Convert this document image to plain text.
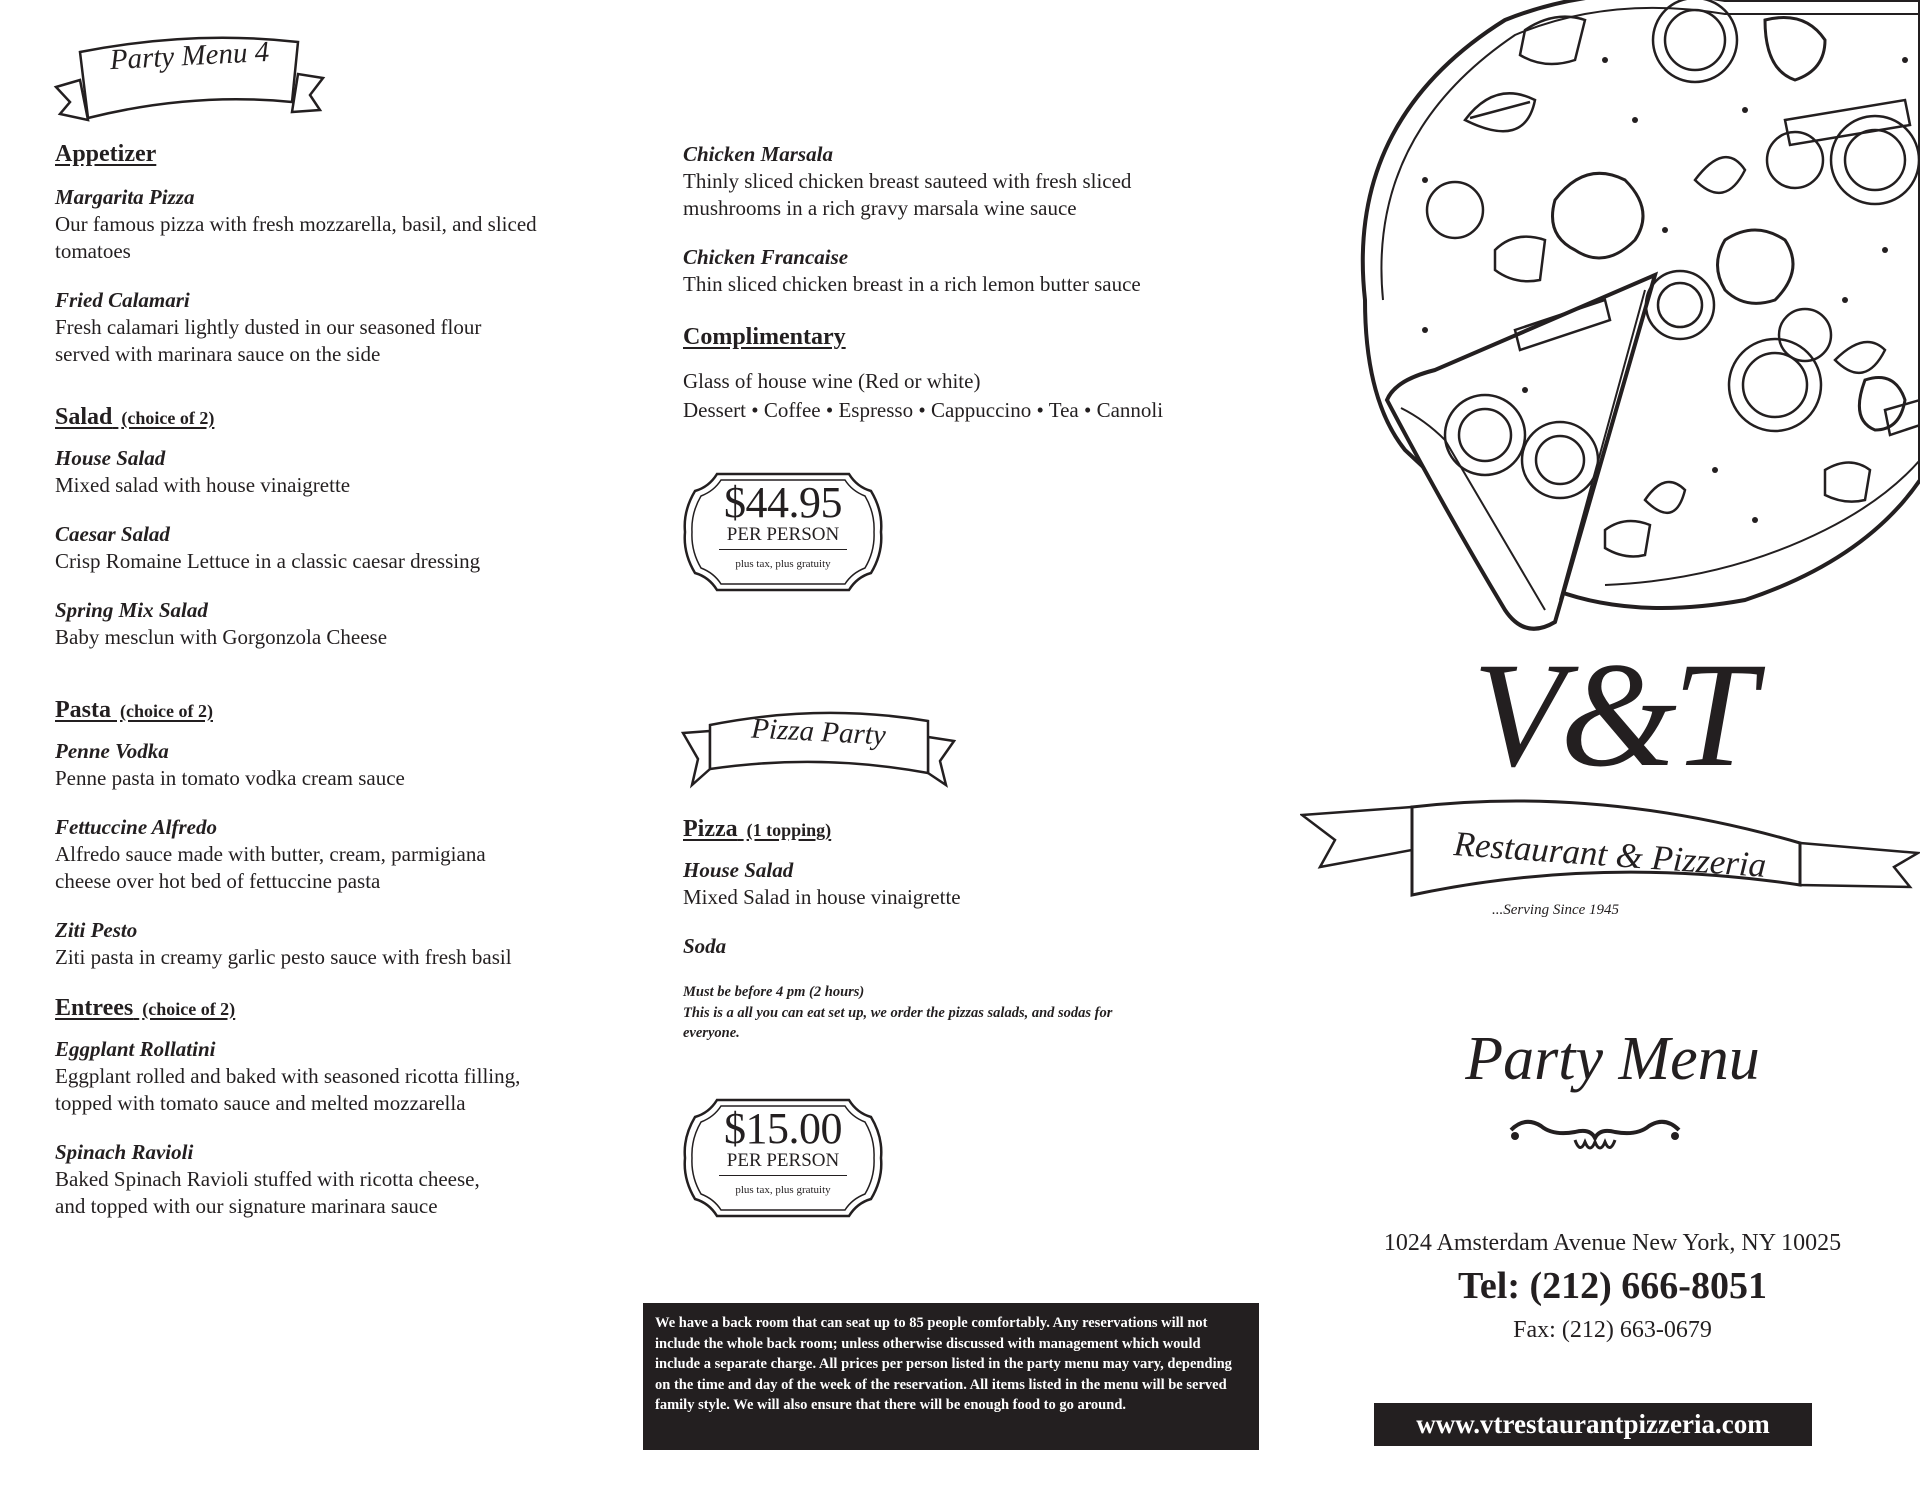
Party Menu 4
Appetizer
Margarita Pizza
Our famous pizza with fresh mozzarella, basil, and sliced
tomatoes
Fried Calamari
Fresh calamari lightly dusted in our seasoned flour
served with marinara sauce on the side
Salad (choice of 2)
House Salad
Mixed salad with house vinaigrette
Caesar Salad
Crisp Romaine Lettuce in a classic caesar dressing
Spring Mix Salad
Baby mesclun with Gorgonzola Cheese
Pasta (choice of 2)
Penne Vodka
Penne pasta in tomato vodka cream sauce
Fettuccine Alfredo
Alfredo sauce made with butter, cream, parmigiana
cheese over hot bed of fettuccine pasta
Ziti Pesto
Ziti pasta in creamy garlic pesto sauce with fresh basil
Entrees (choice of 2)
Eggplant Rollatini
Eggplant rolled and baked with seasoned ricotta filling,
topped with tomato sauce and melted mozzarella
Spinach Ravioli
Baked Spinach Ravioli stuffed with ricotta cheese,
and topped with our signature marinara sauce
Chicken Marsala
Thinly sliced chicken breast sauteed with fresh sliced
mushrooms in a rich gravy marsala wine sauce
Chicken Francaise
Thin sliced chicken breast in a rich lemon butter sauce
Complimentary
Glass of house wine (Red or white)
Dessert • Coffee • Espresso • Cappuccino • Tea • Cannoli
$44.95
PER PERSON
plus tax, plus gratuity
Pizza Party
Pizza (1 topping)
House Salad
Mixed Salad in house vinaigrette
Soda
Must be before 4 pm (2 hours)
This is a all you can eat set up, we order the pizzas salads, and sodas for
everyone.
$15.00
PER PERSON
plus tax, plus gratuity
We have a back room that can seat up to 85 people comfortably. Any reservations will not include the whole back room; unless otherwise discussed with management which would include a separate charge. All prices per person listed in the party menu may vary, depending on the time and day of the week of the reservation. All items listed in the menu will be served family style. We will also ensure that there will be enough food to go around.
V&T
Restaurant & Pizzeria
...Serving Since 1945
Party Menu
1024 Amsterdam Avenue New York, NY 10025
Tel: (212) 666-8051
Fax: (212) 663-0679
www.vtrestaurantpizzeria.com
